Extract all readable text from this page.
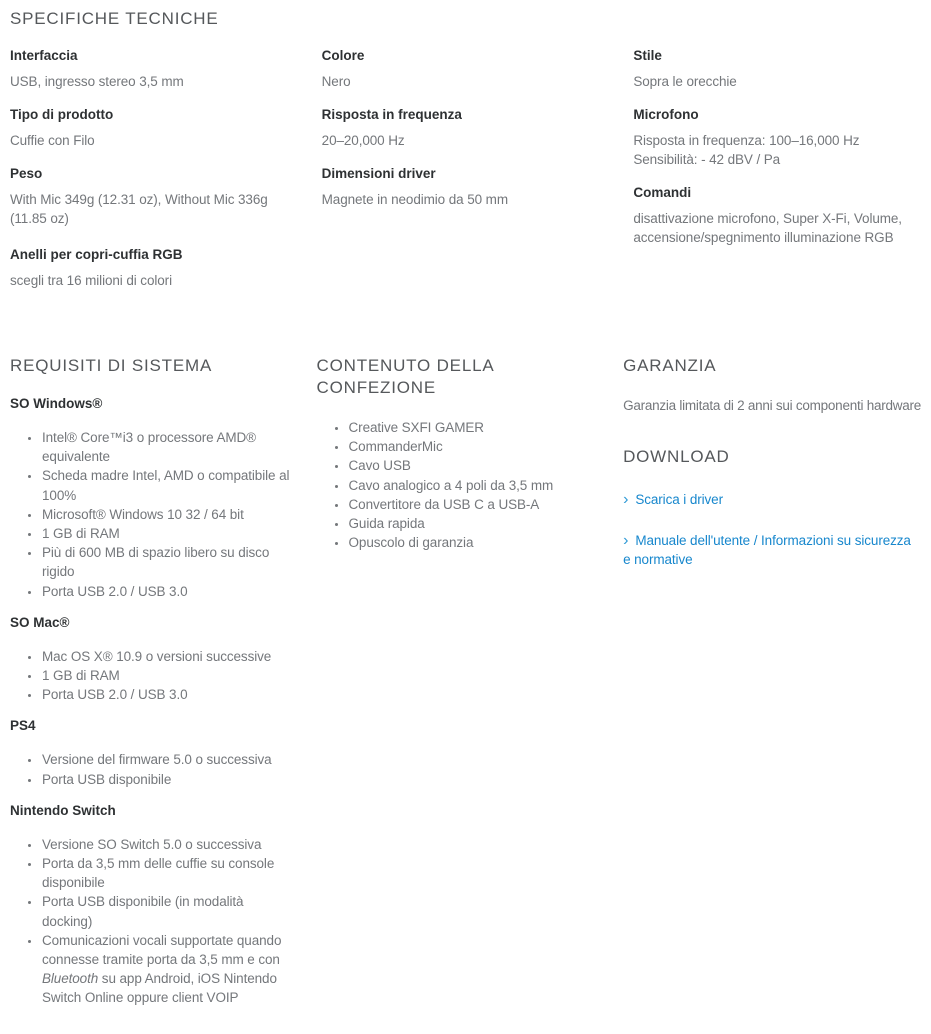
SPECIFICHE TECNICHE
Interfaccia
USB, ingresso stereo 3,5 mm
Tipo di prodotto
Cuffie con Filo
Peso
With Mic 349g (12.31 oz), Without Mic 336g (11.85 oz)
Anelli per copri-cuffia RGB
scegli tra 16 milioni di colori
Colore
Nero
Risposta in frequenza
20–20,000 Hz
Dimensioni driver
Magnete in neodimio da 50 mm
Stile
Sopra le orecchie
Microfono
Risposta in frequenza: 100–16,000 Hz
Sensibilità: - 42 dBV / Pa
Comandi
disattivazione microfono, Super X-Fi, Volume, accensione/spegnimento illuminazione RGB
REQUISITI DI SISTEMA
SO Windows®
• Intel® Core™i3 o processore AMD® equivalente
• Scheda madre Intel, AMD o compatibile al 100%
• Microsoft® Windows 10 32 / 64 bit
• 1 GB di RAM
• Più di 600 MB di spazio libero su disco rigido
• Porta USB 2.0 / USB 3.0
SO Mac®
• Mac OS X® 10.9 o versioni successive
• 1 GB di RAM
• Porta USB 2.0 / USB 3.0
PS4
• Versione del firmware 5.0 o successiva
• Porta USB disponibile
Nintendo Switch
• Versione SO Switch 5.0 o successiva
• Porta da 3,5 mm delle cuffie su console disponibile
• Porta USB disponibile (in modalità docking)
• Comunicazioni vocali supportate quando connesse tramite porta da 3,5 mm e con Bluetooth su app Android, iOS Nintendo Switch Online oppure client VOIP
CONTENUTO DELLA CONFEZIONE
• Creative SXFI GAMER
• CommanderMic
• Cavo USB
• Cavo analogico a 4 poli da 3,5 mm
• Convertitore da USB C a USB-A
• Guida rapida
• Opuscolo di garanzia
GARANZIA
Garanzia limitata di 2 anni sui componenti hardware
DOWNLOAD
› Scarica i driver
› Manuale dell'utente / Informazioni su sicurezza e normative
